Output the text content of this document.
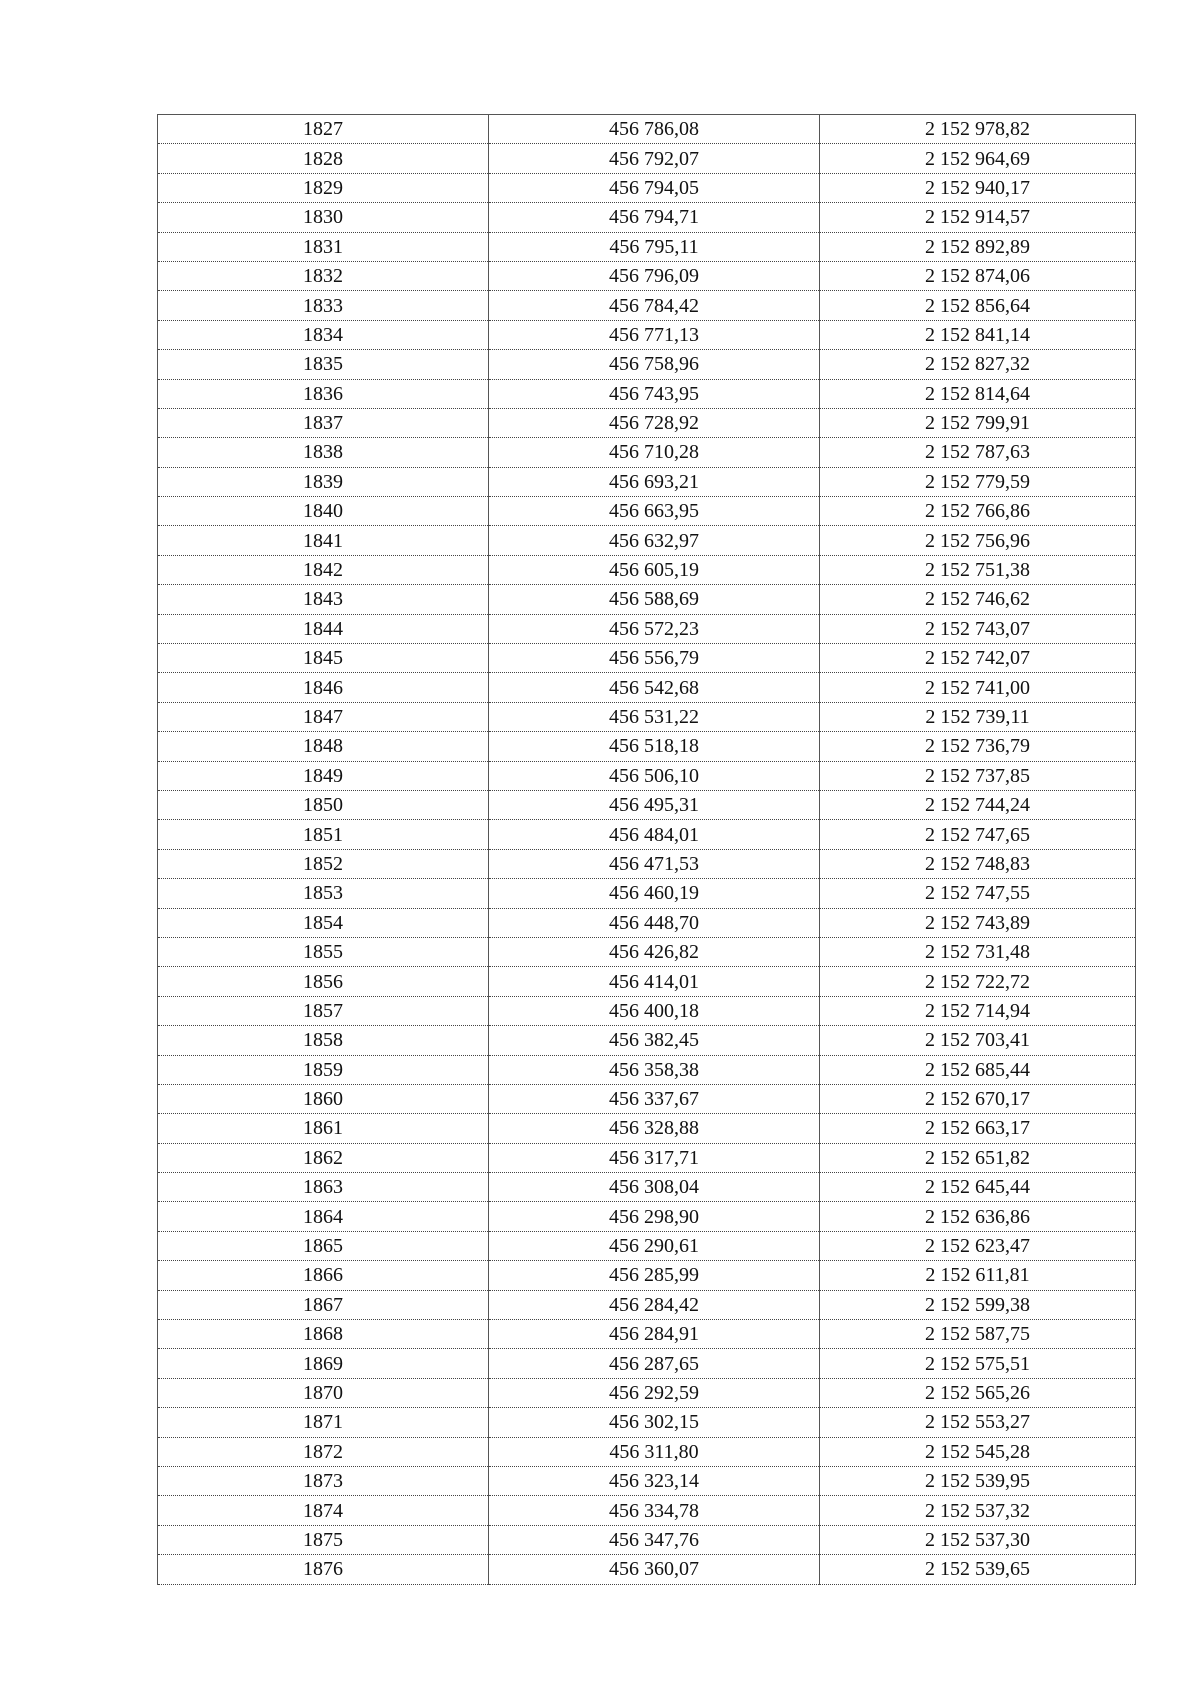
1827	456 786,08	2 152 978,82
1828	456 792,07	2 152 964,69
1829	456 794,05	2 152 940,17
1830	456 794,71	2 152 914,57
1831	456 795,11	2 152 892,89
1832	456 796,09	2 152 874,06
1833	456 784,42	2 152 856,64
1834	456 771,13	2 152 841,14
1835	456 758,96	2 152 827,32
1836	456 743,95	2 152 814,64
1837	456 728,92	2 152 799,91
1838	456 710,28	2 152 787,63
1839	456 693,21	2 152 779,59
1840	456 663,95	2 152 766,86
1841	456 632,97	2 152 756,96
1842	456 605,19	2 152 751,38
1843	456 588,69	2 152 746,62
1844	456 572,23	2 152 743,07
1845	456 556,79	2 152 742,07
1846	456 542,68	2 152 741,00
1847	456 531,22	2 152 739,11
1848	456 518,18	2 152 736,79
1849	456 506,10	2 152 737,85
1850	456 495,31	2 152 744,24
1851	456 484,01	2 152 747,65
1852	456 471,53	2 152 748,83
1853	456 460,19	2 152 747,55
1854	456 448,70	2 152 743,89
1855	456 426,82	2 152 731,48
1856	456 414,01	2 152 722,72
1857	456 400,18	2 152 714,94
1858	456 382,45	2 152 703,41
1859	456 358,38	2 152 685,44
1860	456 337,67	2 152 670,17
1861	456 328,88	2 152 663,17
1862	456 317,71	2 152 651,82
1863	456 308,04	2 152 645,44
1864	456 298,90	2 152 636,86
1865	456 290,61	2 152 623,47
1866	456 285,99	2 152 611,81
1867	456 284,42	2 152 599,38
1868	456 284,91	2 152 587,75
1869	456 287,65	2 152 575,51
1870	456 292,59	2 152 565,26
1871	456 302,15	2 152 553,27
1872	456 311,80	2 152 545,28
1873	456 323,14	2 152 539,95
1874	456 334,78	2 152 537,32
1875	456 347,76	2 152 537,30
1876	456 360,07	2 152 539,65
